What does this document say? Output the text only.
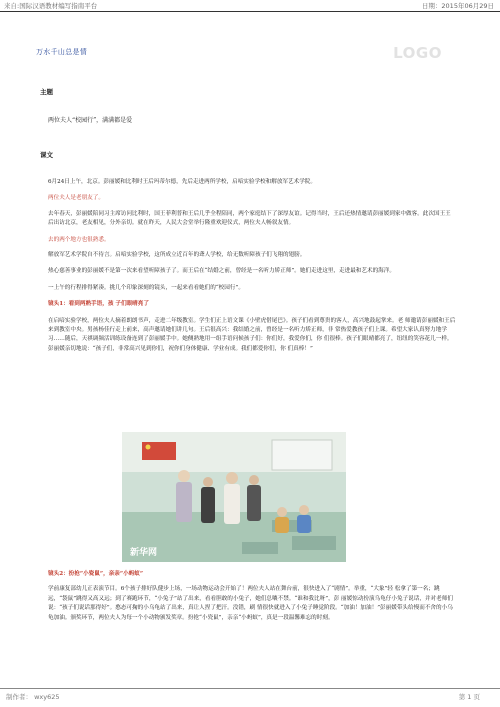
来自:国际汉语教材编写指南平台	日期：2015年06月29日
万水千山总是情	LOGO
主题
两位夫人“校园行”，满满都是爱
课文

6月24日上午，北京。彭丽媛和比利时王后玛蒂尔德，先后走进两所学校，启喑实验学校和解放军艺术学院。

两位夫人是老朋友了。

去年春天，彭丽媛陪同习主席访问比利时，国王菲利普和王后几乎全程陪同，两个家庭结下了深厚友谊。记得当时，王后还热情邀请彭丽媛到家中做客。此次国王王后出访北京，老友相见，分外亲切。就在昨天，人民大会堂举行隆重欢迎仪式，两位夫人畅叙友情。

去的两个地方也很熟悉。

解放军艺术学院自不待言。启喑实验学校，这所成立近百年的聋人学校，给无数听障孩子们飞翔的翅膀。

热心慈善事业的彭丽媛不是第一次来看望听障孩子了。而王后在“结婚之前，曾经是一名听力矫正师”。她们走进这里，走进最和艺术的海洋。

一上午的行程排得紧凑。挑几个印象深刻的镜头，一起来看看她们的“校园行”。

镜头1：看到两熟手语，孩 子们眼晴亮了

在启喑实验学校，两位夫人摘着朗朗书声，走进二年级教室。学生们正上语文课《小壁虎借尾巴》。孩子们看到尊贵的客人，高兴地鼓起掌来。老 师邀请彭丽媛和王后来到教室中央。男孩杨佳行走上前来，高声邀请她们讲几句。王后很高兴：我结婚之前，曾经是一名听力矫正师，非 常热爱教孩子们上课。希望大家认真努力地学习……随后，天祺调频活训练设备连到了彭丽媛手中。她侧熟地用一组手语问候孩子们：你们好，我爱你们，你 们很棒。孩子们眼晴都亮了，纽纽的笑容花儿一样。彭丽媛亲切地说：“孩子们，非常高兴见到你们，祝你们身体健康、学业有成。我们都爱你们，你 们真棒！”

新华网

镜头2：扮抢“小瓷鼠”，亲亲“小蚂蚁”

学前康复部幼儿正表演节目。6个孩子排好队健步上场，一场动物运动会开始了！两位夫人站在舞台前，很快进入了“剧情”。举重，“大象”轻 松拿了第一名；跳远，“袋鼠”跳得又高又远；到了赛跑环节，“小兔子”站了出来，看看胆敢的小兔子，她们总嚷不禁。“谁和我比呀”，彭 丽媛惊动扮演乌龟仔小兔子说话，并对老师们说：“孩子们说话那得好”。憨态可掬的小乌龟站了出来，真让人捏了把汗。没错，刷 情很快就进入了小兔子睡觉阶段。“加油！加油！”彭丽媛带头给慢而不舍的小乌龟加油。颁奖环节，两位夫人为每一个小动物颁发奖章。扮抢“小瓷鼠”，亲亲“小蚂蚁”，真是一段温馨难忘的时刻。

制作者： wxy625	第 1 页
